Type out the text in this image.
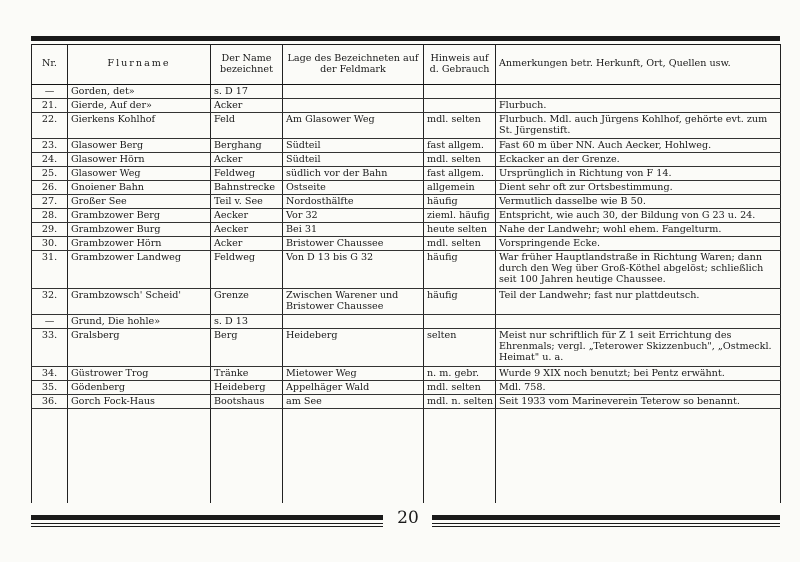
Nr.	Flurname	Der Name bezeichnet	Lage des Bezeichneten auf der Feldmark	Hinweis auf d. Gebrauch	Anmerkungen betr. Herkunft, Ort, Quellen usw.
—	Gorden, det»	s. D 17			
21.	Gierde, Auf der»	Acker			Flurbuch.
22.	Gierkens Kohlhof	Feld	Am Glasower Weg	mdl. selten	Flurbuch. Mdl. auch Jürgens Kohlhof, gehörte evt. zum St. Jürgenstift.
23.	Glasower Berg	Berghang	Südteil	fast allgem.	Fast 60 m über NN. Auch Aecker, Hohlweg.
24.	Glasower Hörn	Acker	Südteil	mdl. selten	Eckacker an der Grenze.
25.	Glasower Weg	Feldweg	südlich vor der Bahn	fast allgem.	Ursprünglich in Richtung von F 14.
26.	Gnoiener Bahn	Bahnstrecke	Ostseite	allgemein	Dient sehr oft zur Ortsbestimmung.
27.	Großer See	Teil v. See	Nordosthälfte	häufig	Vermutlich dasselbe wie B 50.
28.	Grambzower Berg	Aecker	Vor 32	zieml. häufig	Entspricht, wie auch 30, der Bildung von G 23 u. 24.
29.	Grambzower Burg	Aecker	Bei 31	heute selten	Nahe der Landwehr; wohl ehem. Fangelturm.
30.	Grambzower Hörn	Acker	Bristower Chaussee	mdl. selten	Vorspringende Ecke.
31.	Grambzower Landweg	Feldweg	Von D 13 bis G 32	häufig	War früher Hauptlandstraße in Richtung Waren; dann durch den Weg über Groß-Köthel abgelöst; schließlich seit 100 Jahren heutige Chaussee.
32.	Grambzowsch' Scheid'	Grenze	Zwischen Warener und Bristower Chaussee	häufig	Teil der Landwehr; fast nur plattdeutsch.
—	Grund, Die hohle»	s. D 13			
33.	Gralsberg	Berg	Heideberg	selten	Meist nur schriftlich für Z 1 seit Errichtung des Ehrenmals; vergl. „Teterower Skizzenbuch", „Ostmeckl. Heimat" u. a.
34.	Güstrower Trog	Tränke	Mietower Weg	n. m. gebr.	Wurde 9 XIX noch benutzt; bei Pentz erwähnt.
35.	Gödenberg	Heideberg	Appelhäger Wald	mdl. selten	Mdl. 758.
36.	Gorch Fock-Haus	Bootshaus	am See	mdl. n. selten	Seit 1933 vom Marineverein Teterow so benannt.

20
